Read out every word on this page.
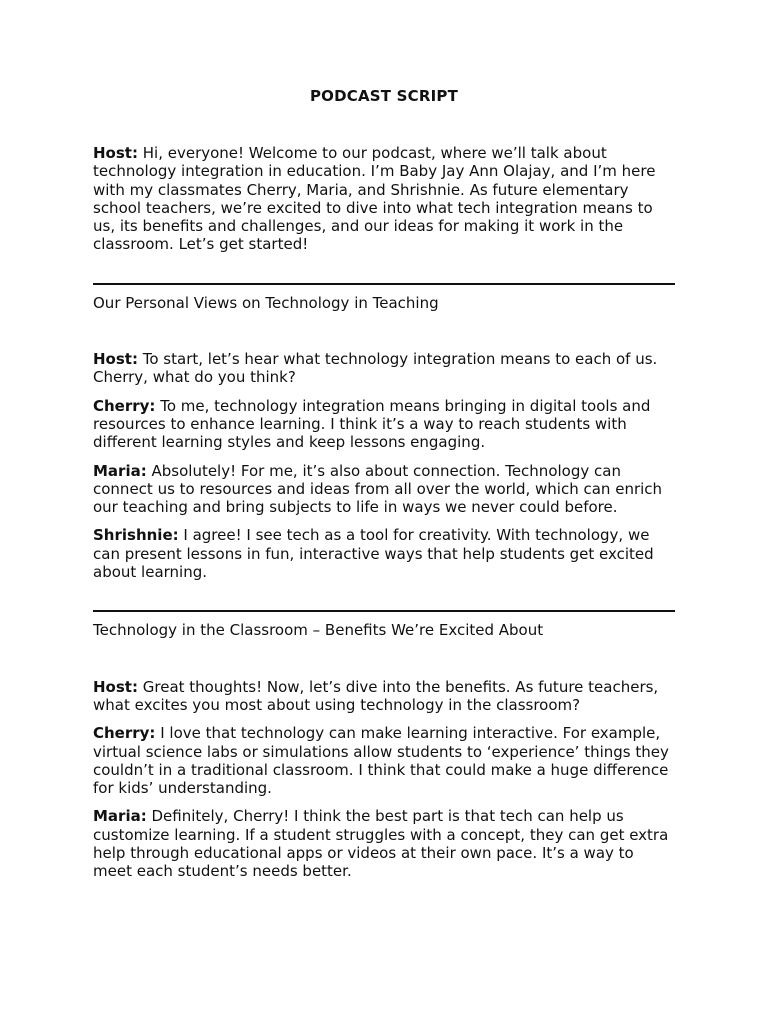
PODCAST SCRIPT

Host: Hi, everyone! Welcome to our podcast, where we’ll talk about technology integration in education. I’m Baby Jay Ann Olajay, and I’m here with my classmates Cherry, Maria, and Shrishnie. As future elementary school teachers, we’re excited to dive into what tech integration means to us, its benefits and challenges, and our ideas for making it work in the classroom. Let’s get started!

Our Personal Views on Technology in Teaching

Host: To start, let’s hear what technology integration means to each of us. Cherry, what do you think?

Cherry: To me, technology integration means bringing in digital tools and resources to enhance learning. I think it’s a way to reach students with different learning styles and keep lessons engaging.

Maria: Absolutely! For me, it’s also about connection. Technology can connect us to resources and ideas from all over the world, which can enrich our teaching and bring subjects to life in ways we never could before.

Shrishnie: I agree! I see tech as a tool for creativity. With technology, we can present lessons in fun, interactive ways that help students get excited about learning.

Technology in the Classroom – Benefits We’re Excited About

Host: Great thoughts! Now, let’s dive into the benefits. As future teachers, what excites you most about using technology in the classroom?

Cherry: I love that technology can make learning interactive. For example, virtual science labs or simulations allow students to ‘experience’ things they couldn’t in a traditional classroom. I think that could make a huge difference for kids’ understanding.

Maria: Definitely, Cherry! I think the best part is that tech can help us customize learning. If a student struggles with a concept, they can get extra help through educational apps or videos at their own pace. It’s a way to meet each student’s needs better.
